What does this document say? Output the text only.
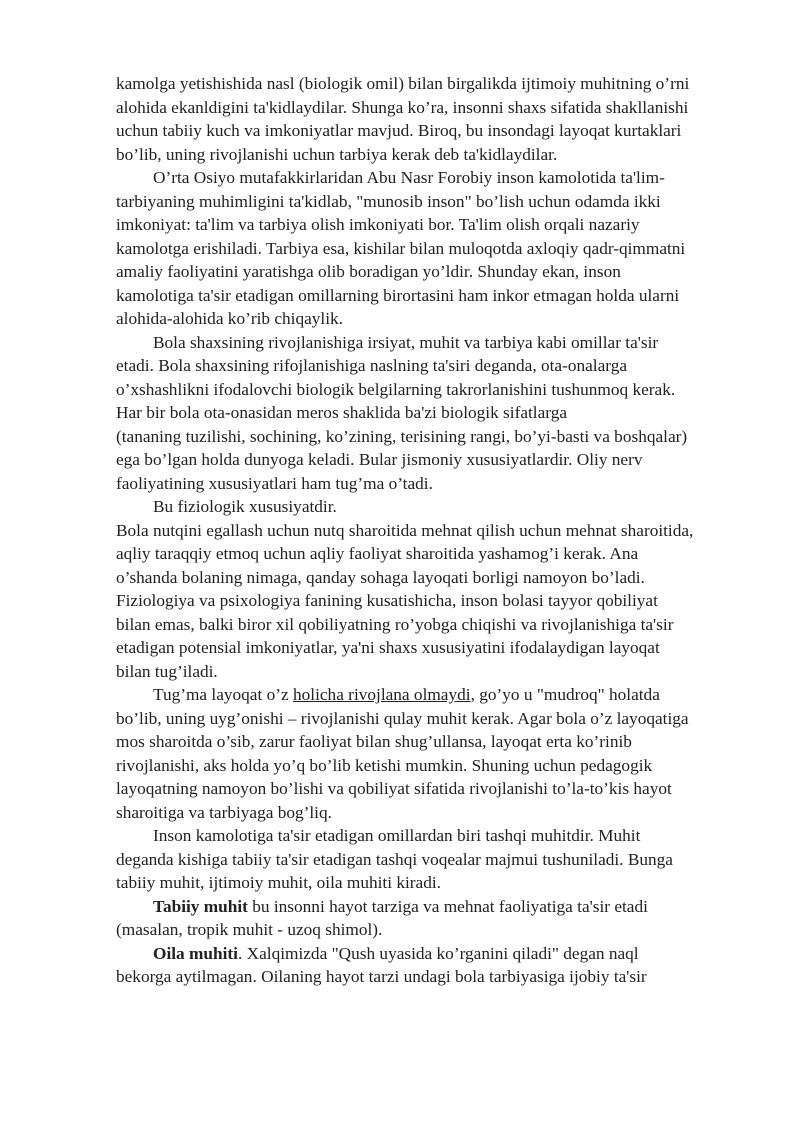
kamolga yetishishida nasl (biologik omil) bilan birgalikda ijtimoiy muhitning o’rni
alohida ekanldigini ta'kidlaydilar. Shunga ko’ra, insonni shaxs sifatida shakllanishi
uchun tabiiy kuch va imkoniyatlar mavjud. Biroq, bu insondagi layoqat kurtaklari
bo’lib, uning rivojlanishi uchun tarbiya kerak deb ta'kidlaydilar.
O’rta Osiyo mutafakkirlaridan Abu Nasr Forobiy inson kamolotida ta'lim-
tarbiyaning muhimligini ta'kidlab, "munosib inson" bo’lish uchun odamda ikki
imkoniyat: ta'lim va tarbiya olish imkoniyati bor. Ta'lim olish orqali nazariy
kamolotga erishiladi. Tarbiya esa, kishilar bilan muloqotda axloqiy qadr-qimmatni
amaliy faoliyatini yaratishga olib boradigan yo’ldir. Shunday ekan, inson
kamolotiga ta'sir etadigan omillarning birortasini ham inkor etmagan holda ularni
alohida-alohida ko’rib chiqaylik.
Bola shaxsining rivojlanishiga irsiyat, muhit va tarbiya kabi omillar ta'sir
etadi. Bola shaxsining rifojlanishiga naslning ta'siri deganda, ota-onalarga
o’xshashlikni ifodalovchi biologik belgilarning takrorlanishini tushunmoq kerak.
Har bir bola ota-onasidan meros shaklida ba'zi biologik sifatlarga
(tananing tuzilishi, sochining, ko’zining, terisining rangi, bo’yi-basti va boshqalar)
ega bo’lgan holda dunyoga keladi. Bular jismoniy xususiyatlardir. Oliy nerv
faoliyatining xususiyatlari ham tug’ma o’tadi.
Bu fiziologik xususiyatdir.
Bola nutqini egallash uchun nutq sharoitida mehnat qilish uchun mehnat sharoitida,
aqliy taraqqiy etmoq uchun aqliy faoliyat sharoitida yashamog’i kerak. Ana
o’shanda bolaning nimaga, qanday sohaga layoqati borligi namoyon bo’ladi.
Fiziologiya va psixologiya fanining kusatishicha, inson bolasi tayyor qobiliyat
bilan emas, balki biror xil qobiliyatning ro’yobga chiqishi va rivojlanishiga ta'sir
etadigan potensial imkoniyatlar, ya'ni shaxs xususiyatini ifodalaydigan layoqat
bilan tug’iladi.
Tug’ma layoqat o’z holicha rivojlana olmaydi, go’yo u "mudroq" holatda
bo’lib, uning uyg’onishi – rivojlanishi qulay muhit kerak. Agar bola o’z layoqatiga
mos sharoitda o’sib, zarur faoliyat bilan shug’ullansa, layoqat erta ko’rinib
rivojlanishi, aks holda yo’q bo’lib ketishi mumkin. Shuning uchun pedagogik
layoqatning namoyon bo’lishi va qobiliyat sifatida rivojlanishi to’la-to’kis hayot
sharoitiga va tarbiyaga bog’liq.
Inson kamolotiga ta'sir etadigan omillardan biri tashqi muhitdir. Muhit
deganda kishiga tabiiy ta'sir etadigan tashqi voqealar majmui tushuniladi. Bunga
tabiiy muhit, ijtimoiy muhit, oila muhiti kiradi.
Tabiiy muhit bu insonni hayot tarziga va mehnat faoliyatiga ta'sir etadi
(masalan, tropik muhit - uzoq shimol).
Oila muhiti. Xalqimizda "Qush uyasida ko’rganini qiladi" degan naql
bekorga aytilmagan. Oilaning hayot tarzi undagi bola tarbiyasiga ijobiy ta'sir
